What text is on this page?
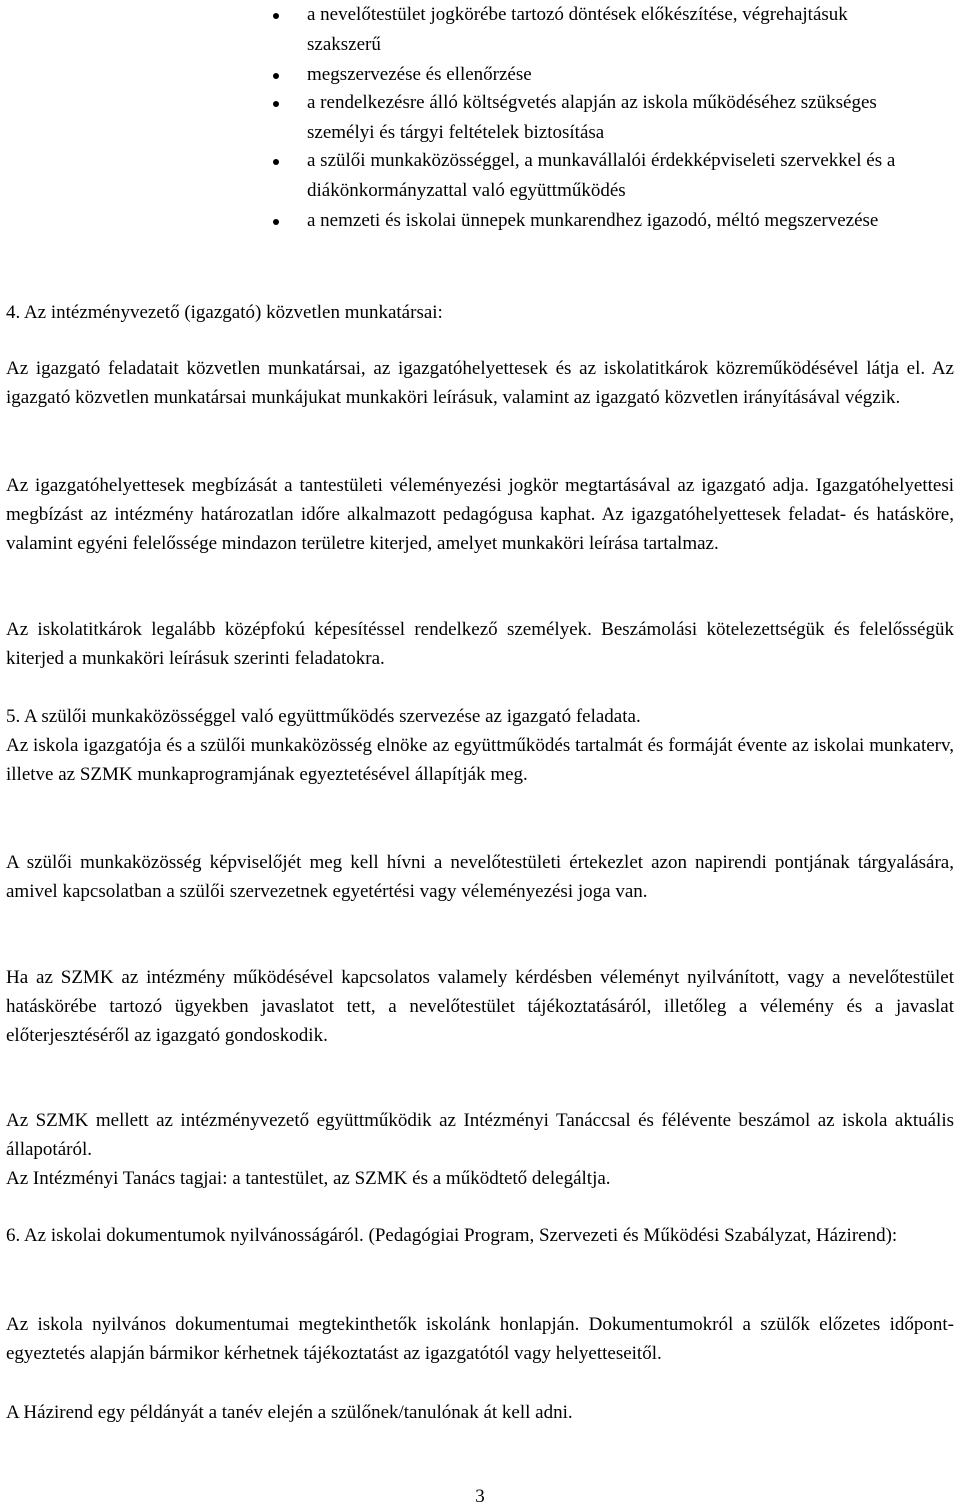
a nevelőtestület jogkörébe tartozó döntések előkészítése, végrehajtásuk szakszerű
megszervezése és ellenőrzése
a rendelkezésre álló költségvetés alapján az iskola működéséhez szükséges személyi és tárgyi feltételek biztosítása
a szülői munkaközösséggel, a munkavállalói érdekképviseleti szervekkel és a diákönkormányzattal való együttműködés
a nemzeti és iskolai ünnepek munkarendhez igazodó, méltó megszervezése

4. Az intézményvezető (igazgató) közvetlen munkatársai:

Az igazgató feladatait közvetlen munkatársai, az igazgatóhelyettesek és az iskolatitkárok közreműködésével látja el. Az igazgató közvetlen munkatársai munkájukat munkaköri leírásuk, valamint az igazgató közvetlen irányításával végzik.

Az igazgatóhelyettesek megbízását a tantestületi véleményezési jogkör megtartásával az igazgató adja. Igazgatóhelyettesi megbízást az intézmény határozatlan időre alkalmazott pedagógusa kaphat. Az igazgatóhelyettesek feladat- és hatásköre, valamint egyéni felelőssége mindazon területre kiterjed, amelyet munkaköri leírása tartalmaz.

Az iskolatitkárok legalább középfokú képesítéssel rendelkező személyek. Beszámolási kötelezettségük és felelősségük kiterjed a munkaköri leírásuk szerinti feladatokra.

5. A szülői munkaközösséggel való együttműködés szervezése az igazgató feladata.

Az iskola igazgatója és a szülői munkaközösség elnöke az együttműködés tartalmát és formáját évente az iskolai munkaterv, illetve az SZMK munkaprogramjának egyeztetésével állapítják meg.

A szülői munkaközösség képviselőjét meg kell hívni a nevelőtestületi értekezlet azon napirendi pontjának tárgyalására, amivel kapcsolatban a szülői szervezetnek egyetértési vagy véleményezési joga van.

Ha az SZMK az intézmény működésével kapcsolatos valamely kérdésben véleményt nyilvánított, vagy a nevelőtestület hatáskörébe tartozó ügyekben javaslatot tett, a nevelőtestület tájékoztatásáról, illetőleg a vélemény és a javaslat előterjesztéséről az igazgató gondoskodik.

Az SZMK mellett az intézményvezető együttműködik az Intézményi Tanáccsal és félévente beszámol az iskola aktuális állapotáról.

Az Intézményi Tanács tagjai: a tantestület, az SZMK és a működtető delegáltja.

6. Az iskolai dokumentumok nyilvánosságáról. (Pedagógiai Program, Szervezeti és Működési Szabályzat, Házirend):

Az iskola nyilvános dokumentumai megtekinthetők iskolánk honlapján. Dokumentumokról a szülők előzetes időpont-egyeztetés alapján bármikor kérhetnek tájékoztatást az igazgatótól vagy helyetteseitől.

A Házirend egy példányát a tanév elején a szülőnek/tanulónak át kell adni.

3
